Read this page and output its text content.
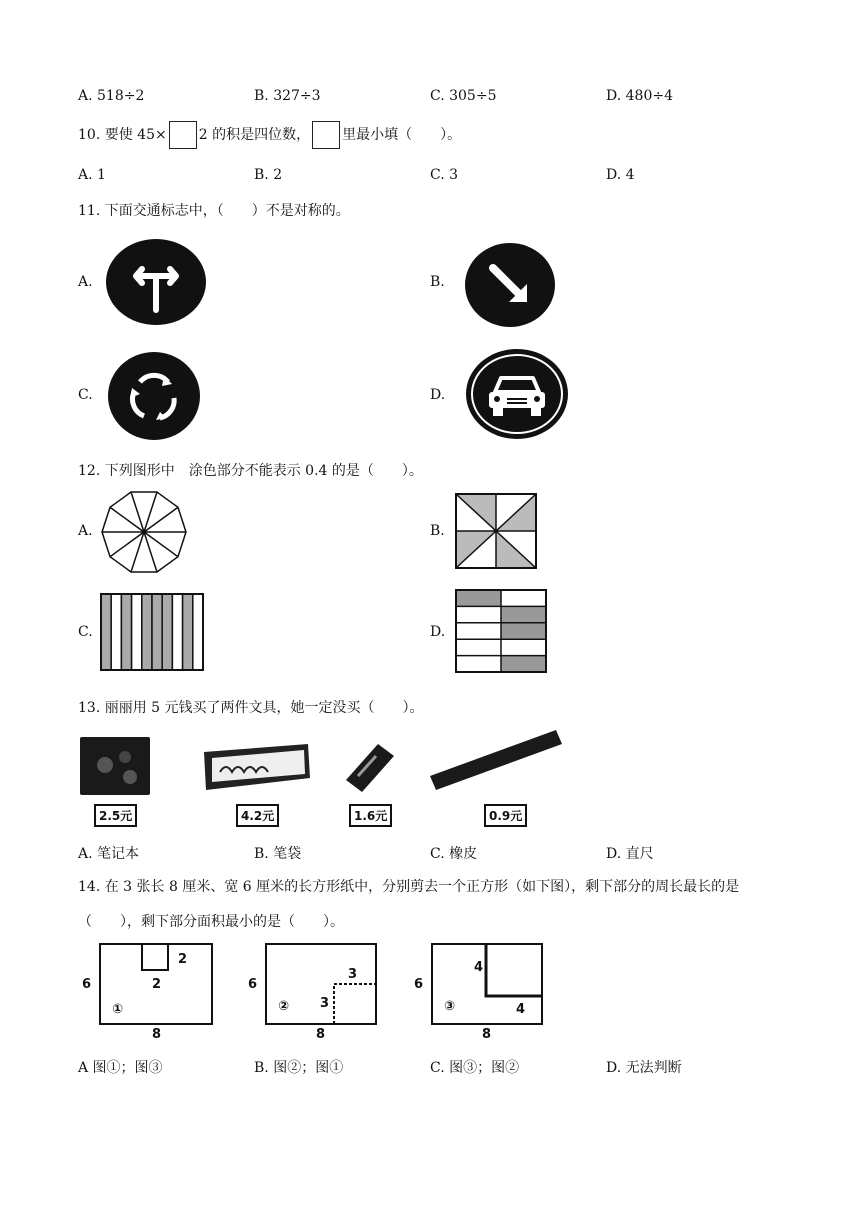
A. 518÷2	B. 327÷3	C. 305÷5	D. 480÷4
10. 要使 45× 2 的积是四位数， 里最小填（　　）。
A. 1	B. 2	C. 3	D. 4
11. 下面交通标志中，（　　）不是对称的。
A.	B.
C.	D.
12. 下列图形中　涂色部分不能表示 0.4 的是（　　）。
A.	B.
C.	D.
13. 丽丽用 5 元钱买了两件文具，她一定没买（　　）。
2.5元	4.2元	1.6元	0.9元
A. 笔记本	B. 笔袋	C. 橡皮	D. 直尺
14. 在 3 张长 8 厘米、宽 6 厘米的长方形纸中，分别剪去一个正方形（如下图），剩下部分的周长最长的是
（　　），剩下部分面积最小的是（　　）。
6
①
2
2
8
6
②
3
3
8
6
③
4
4
8
A 图①；图③	B. 图②；图①	C. 图③；图②	D. 无法判断
